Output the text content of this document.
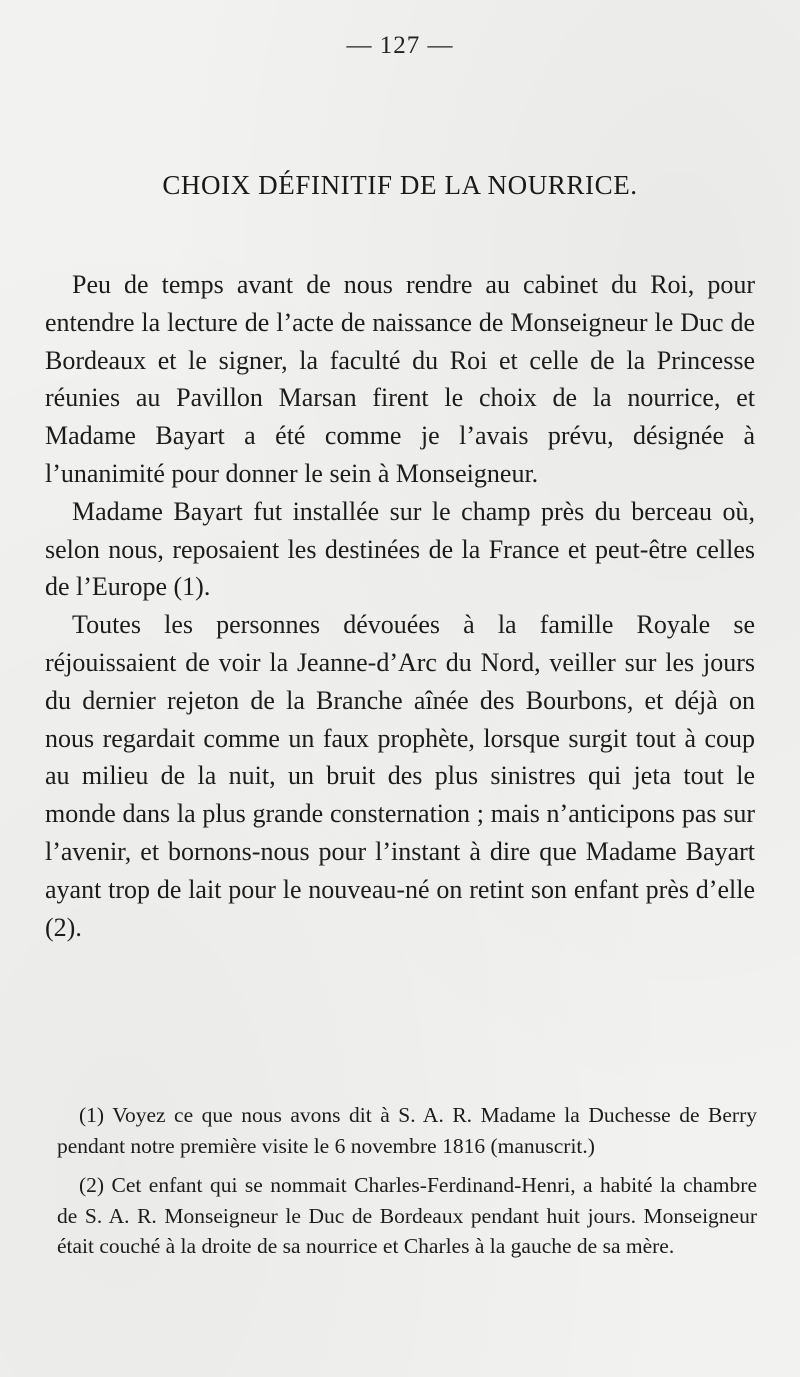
— 127 —
CHOIX DÉFINITIF DE LA NOURRICE.

Peu de temps avant de nous rendre au cabinet du Roi, pour entendre la lecture de l’acte de naissance de Monseigneur le Duc de Bordeaux et le signer, la faculté du Roi et celle de la Princesse réunies au Pavillon Marsan firent le choix de la nourrice, et Madame Bayart a été comme je l’avais prévu, désignée à l’unanimité pour donner le sein à Monseigneur.

Madame Bayart fut installée sur le champ près du berceau où, selon nous, reposaient les destinées de la France et peut-être celles de l’Europe (1).

Toutes les personnes dévouées à la famille Royale se réjouissaient de voir la Jeanne-d’Arc du Nord, veiller sur les jours du dernier rejeton de la Branche aînée des Bourbons, et déjà on nous regardait comme un faux prophète, lorsque surgit tout à coup au milieu de la nuit, un bruit des plus sinistres qui jeta tout le monde dans la plus grande consternation ; mais n’anticipons pas sur l’avenir, et bornons-nous pour l’instant à dire que Madame Bayart ayant trop de lait pour le nouveau-né on retint son enfant près d’elle (2).

(1) Voyez ce que nous avons dit à S. A. R. Madame la Duchesse de Berry pendant notre première visite le 6 novembre 1816 (manuscrit.)

(2) Cet enfant qui se nommait Charles-Ferdinand-Henri, a habité la chambre de S. A. R. Monseigneur le Duc de Bordeaux pendant huit jours. Monseigneur était couché à la droite de sa nourrice et Charles à la gauche de sa mère.
